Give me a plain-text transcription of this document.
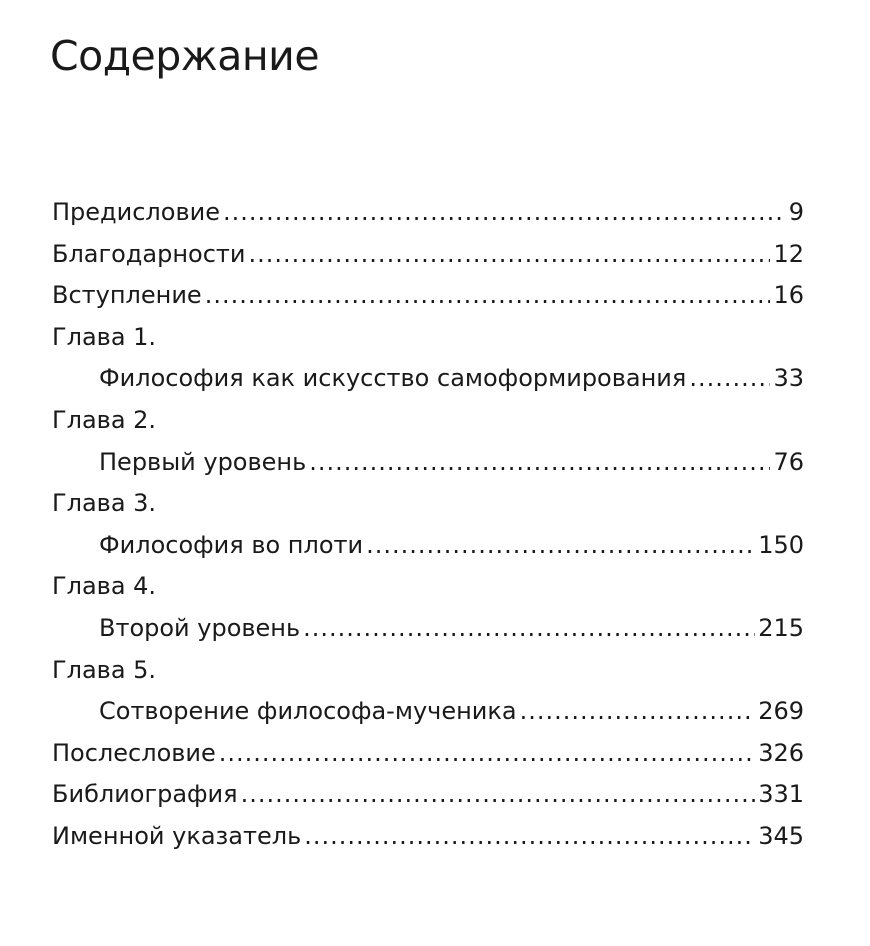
Содержание
Предисловие .....	9
Благодарности .....	12
Вступление .....	16
Глава 1.
Философия как искусство самоформирования .....	33
Глава 2.
Первый уровень .....	76
Глава 3.
Философия во плоти .....	150
Глава 4.
Второй уровень .....	215
Глава 5.
Сотворение философа-мученика .....	269
Послесловие .....	326
Библиография .....	331
Именной указатель .....	345
